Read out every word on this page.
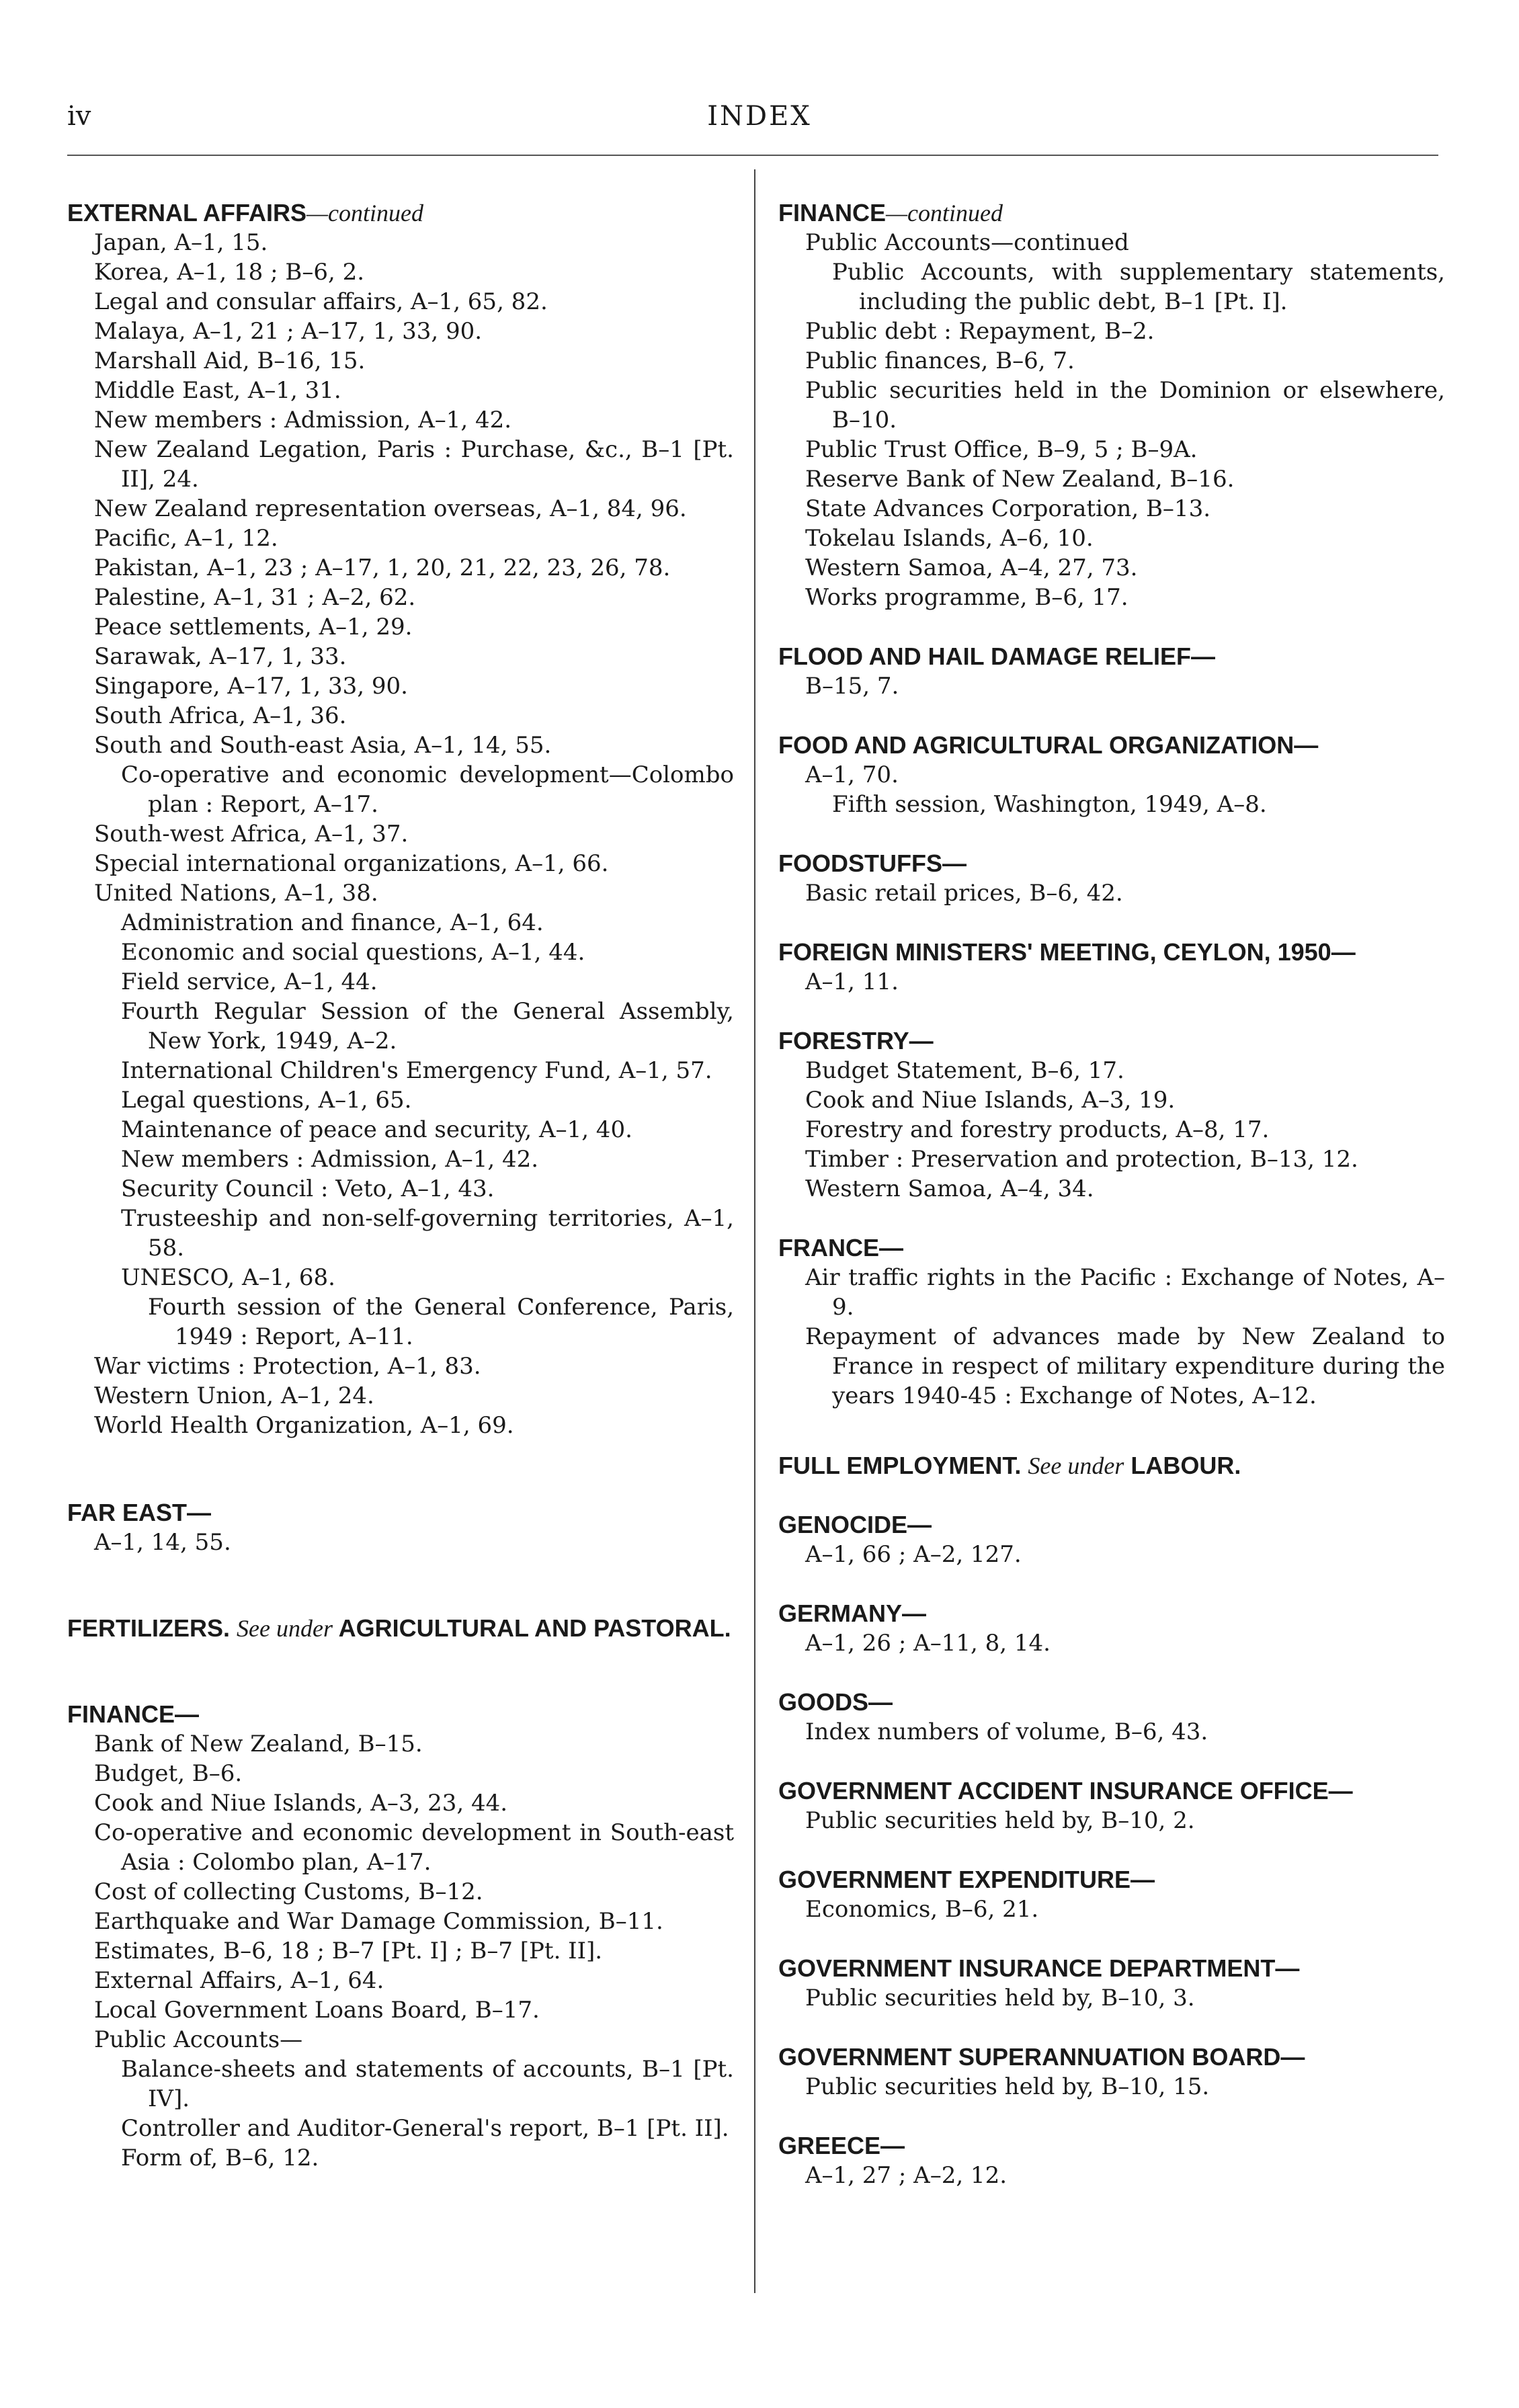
iv	INDEX
EXTERNAL AFFAIRS—continued
Japan, A–1, 15.
Korea, A–1, 18 ; B–6, 2.
Legal and consular affairs, A–1, 65, 82.
Malaya, A–1, 21 ; A–17, 1, 33, 90.
Marshall Aid, B–16, 15.
Middle East, A–1, 31.
New members : Admission, A–1, 42.
New Zealand Legation, Paris : Purchase, &c., B–1 [Pt. II], 24.
New Zealand representation overseas, A–1, 84, 96.
Pacific, A–1, 12.
Pakistan, A–1, 23 ; A–17, 1, 20, 21, 22, 23, 26, 78.
Palestine, A–1, 31 ; A–2, 62.
Peace settlements, A–1, 29.
Sarawak, A–17, 1, 33.
Singapore, A–17, 1, 33, 90.
South Africa, A–1, 36.
South and South-east Asia, A–1, 14, 55.
Co-operative and economic development—Colombo plan : Report, A–17.
South-west Africa, A–1, 37.
Special international organizations, A–1, 66.
United Nations, A–1, 38.
Administration and finance, A–1, 64.
Economic and social questions, A–1, 44.
Field service, A–1, 44.
Fourth Regular Session of the General Assembly, New York, 1949, A–2.
International Children's Emergency Fund, A–1, 57.
Legal questions, A–1, 65.
Maintenance of peace and security, A–1, 40.
New members : Admission, A–1, 42.
Security Council : Veto, A–1, 43.
Trusteeship and non-self-governing territories, A–1, 58.
UNESCO, A–1, 68.
Fourth session of the General Conference, Paris, 1949 : Report, A–11.
War victims : Protection, A–1, 83.
Western Union, A–1, 24.
World Health Organization, A–1, 69.
FAR EAST—
A–1, 14, 55.
FERTILIZERS. See under AGRICULTURAL AND PASTORAL.
FINANCE—
Bank of New Zealand, B–15.
Budget, B–6.
Cook and Niue Islands, A–3, 23, 44.
Co-operative and economic development in South-east Asia : Colombo plan, A–17.
Cost of collecting Customs, B–12.
Earthquake and War Damage Commission, B–11.
Estimates, B–6, 18 ; B–7 [Pt. I] ; B–7 [Pt. II].
External Affairs, A–1, 64.
Local Government Loans Board, B–17.
Public Accounts—
Balance-sheets and statements of accounts, B–1 [Pt. IV].
Controller and Auditor-General's report, B–1 [Pt. II].
Form of, B–6, 12.
FINANCE—continued
Public Accounts—continued
Public Accounts, with supplementary statements, including the public debt, B–1 [Pt. I].
Public debt : Repayment, B–2.
Public finances, B–6, 7.
Public securities held in the Dominion or elsewhere, B–10.
Public Trust Office, B–9, 5 ; B–9A.
Reserve Bank of New Zealand, B–16.
State Advances Corporation, B–13.
Tokelau Islands, A–6, 10.
Western Samoa, A–4, 27, 73.
Works programme, B–6, 17.
FLOOD AND HAIL DAMAGE RELIEF—
B–15, 7.
FOOD AND AGRICULTURAL ORGANIZATION—
A–1, 70.
Fifth session, Washington, 1949, A–8.
FOODSTUFFS—
Basic retail prices, B–6, 42.
FOREIGN MINISTERS' MEETING, CEYLON, 1950—
A–1, 11.
FORESTRY—
Budget Statement, B–6, 17.
Cook and Niue Islands, A–3, 19.
Forestry and forestry products, A–8, 17.
Timber : Preservation and protection, B–13, 12.
Western Samoa, A–4, 34.
FRANCE—
Air traffic rights in the Pacific : Exchange of Notes, A–9.
Repayment of advances made by New Zealand to France in respect of military expenditure during the years 1940-45 : Exchange of Notes, A–12.
FULL EMPLOYMENT. See under LABOUR.
GENOCIDE—
A–1, 66 ; A–2, 127.
GERMANY—
A–1, 26 ; A–11, 8, 14.
GOODS—
Index numbers of volume, B–6, 43.
GOVERNMENT ACCIDENT INSURANCE OFFICE—
Public securities held by, B–10, 2.
GOVERNMENT EXPENDITURE—
Economics, B–6, 21.
GOVERNMENT INSURANCE DEPARTMENT—
Public securities held by, B–10, 3.
GOVERNMENT SUPERANNUATION BOARD—
Public securities held by, B–10, 15.
GREECE—
A–1, 27 ; A–2, 12.
